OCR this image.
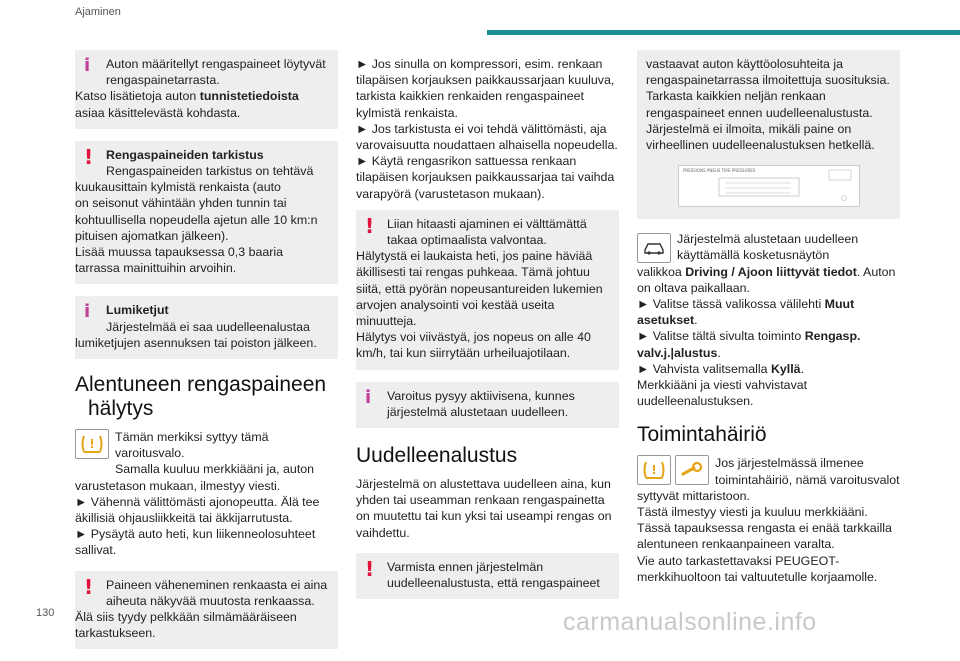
Ajaminen
i	Auton määritellyt rengaspaineet löytyvät
rengaspainetarrasta.
Katso lisätietoja auton tunnistetiedoista
asiaa käsittelevästä kohdasta.
!	Rengaspaineiden tarkistus
Rengaspaineiden tarkistus on tehtävä
kuukausittain kylmistä renkaista (auto
on seisonut vähintään yhden tunnin tai
kohtuullisella nopeudella ajetun alle 10 km:n
pituisen ajomatkan jälkeen).
Lisää muussa tapauksessa 0,3 baaria
tarrassa mainittuihin arvoihin.
i	Lumiketjut
Järjestelmää ei saa uudelleenalustaa
lumiketjujen asennuksen tai poiston jälkeen.
Alentuneen rengaspaineen
hälytys
!	Tämän merkiksi syttyy tämä varoitusvalo.
Samalla kuuluu merkkiääni ja, auton
varustetason mukaan, ilmestyy viesti.
► Vähennä välittömästi ajonopeutta. Älä tee
äkillisiä ohjausliikkeitä tai äkkijarrutusta.
► Pysäytä auto heti, kun liikenneolosuhteet
sallivat.
!	Paineen väheneminen renkaasta ei aina
aiheuta näkyvää muutosta renkaassa.
Älä siis tyydy pelkkään silmämääräiseen
tarkastukseen.
► Jos sinulla on kompressori, esim. renkaan
tilapäisen korjauksen paikkaussarjaan kuuluva,
tarkista kaikkien renkaiden rengaspaineet
kylmistä renkaista.
► Jos tarkistusta ei voi tehdä välittömästi, aja
varovaisuutta noudattaen alhaisella nopeudella.
► Käytä rengasrikon sattuessa renkaan
tilapäisen korjauksen paikkaussarjaa tai vaihda
varapyörä (varustetason mukaan).
!	Liian hitaasti ajaminen ei välttämättä
takaa optimaalista valvontaa.
Hälytystä ei laukaista heti, jos paine häviää
äkillisesti tai rengas puhkeaa. Tämä johtuu
siitä, että pyörän nopeusantureiden lukemien
arvojen analysointi voi kestää useita
minuutteja.
Hälytys voi viivästyä, jos nopeus on alle 40
km/h, tai kun siirrytään urheiluajotilaan.
i	Varoitus pysyy aktiivisena, kunnes
järjestelmä alustetaan uudelleen.
Uudelleenalustus
Järjestelmä on alustettava uudelleen aina, kun
yhden tai useamman renkaan rengaspainetta
on muutettu tai kun yksi tai useampi rengas on
vaihdettu.
!	Varmista ennen järjestelmän
uudelleenalustusta, että rengaspaineet
vastaavat auton käyttöolosuhteita ja
rengaspainetarrassa ilmoitettuja suosituksia.
Tarkasta kaikkien neljän renkaan
rengaspaineet ennen uudelleenalustusta.
Järjestelmä ei ilmoita, mikäli paine on
virheellinen uudelleenalustuksen hetkellä.
PRESSIONS PNEUS TIRE PRESSURES
Järjestelmä alustetaan uudelleen
käyttämällä kosketusnäytön
valikkoa Driving / Ajoon liittyvät tiedot. Auton
on oltava paikallaan.
► Valitse tässä valikossa välilehti Muut
asetukset.
► Valitse tältä sivulta toiminto Rengasp.
valv.j.|alustus.
► Vahvista valitsemalla Kyllä.
Merkkiääni ja viesti vahvistavat
uudelleenalustuksen.
Toimintahäiriö
!	Jos järjestelmässä ilmenee
toimintahäiriö, nämä varoitusvalot
syttyvät mittaristoon.
Tästä ilmestyy viesti ja kuuluu merkkiääni.
Tässä tapauksessa rengasta ei enää tarkkailla
alentuneen renkaanpaineen varalta.
Vie auto tarkastettavaksi PEUGEOT-
merkkihuoltoon tai valtuutetulle korjaamolle.
130	carmanualsonline.info
